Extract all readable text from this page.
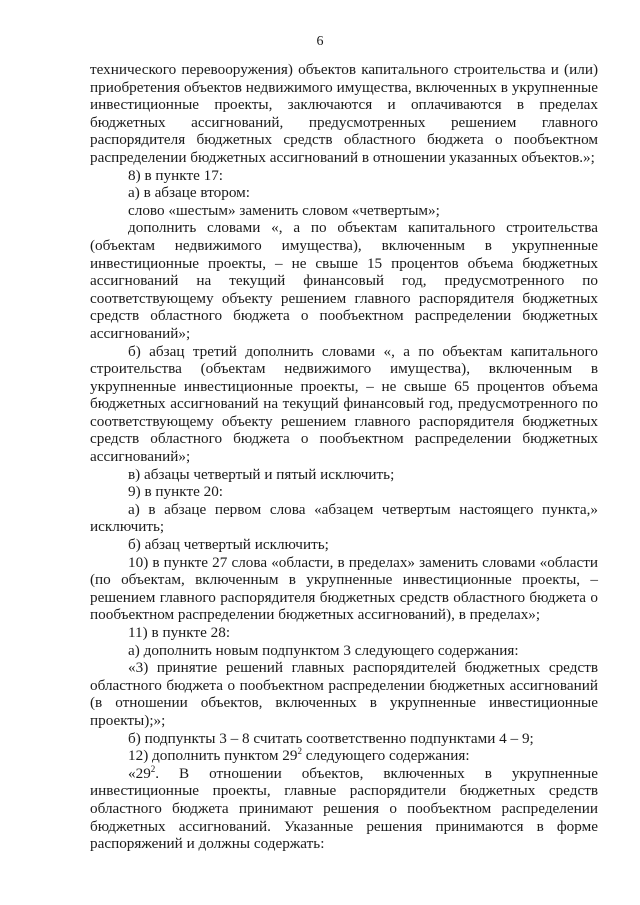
6

технического перевооружения) объектов капитального строительства и (или) приобретения объектов недвижимого имущества, включенных в укрупненные инвестиционные проекты, заключаются и оплачиваются в пределах бюджетных ассигнований, предусмотренных решением главного распорядителя бюджетных средств областного бюджета о пообъектном распределении бюджетных ассигнований в отношении указанных объектов.»;

8) в пункте 17:

а) в абзаце втором:

слово «шестым» заменить словом «четвертым»;

дополнить словами «, а по объектам капитального строительства (объектам недвижимого имущества), включенным в укрупненные инвестиционные проекты, – не свыше 15 процентов объема бюджетных ассигнований на текущий финансовый год, предусмотренного по соответствующему объекту решением главного распорядителя бюджетных средств областного бюджета о пообъектном распределении бюджетных ассигнований»;

б) абзац третий дополнить словами «, а по объектам капитального строительства (объектам недвижимого имущества), включенным в укрупненные инвестиционные проекты, – не свыше 65 процентов объема бюджетных ассигнований на текущий финансовый год, предусмотренного по соответствующему объекту решением главного распорядителя бюджетных средств областного бюджета о пообъектном распределении бюджетных ассигнований»;

в) абзацы четвертый и пятый исключить;

9) в пункте 20:

а) в абзаце первом слова «абзацем четвертым настоящего пункта,» исключить;

б) абзац четвертый исключить;

10) в пункте 27 слова «области, в пределах» заменить словами «области (по объектам, включенным в укрупненные инвестиционные проекты, – решением главного распорядителя бюджетных средств областного бюджета о пообъектном распределении бюджетных ассигнований), в пределах»;

11) в пункте 28:

а) дополнить новым подпунктом 3 следующего содержания:

«3) принятие решений главных распорядителей бюджетных средств областного бюджета о пообъектном распределении бюджетных ассигнований (в отношении объектов, включенных в укрупненные инвестиционные проекты);»;

б) подпункты 3 – 8 считать соответственно подпунктами 4 – 9;

12) дополнить пунктом $29^2$ следующего содержания:

«$29^2$. В отношении объектов, включенных в укрупненные инвестиционные проекты, главные распорядители бюджетных средств областного бюджета принимают решения о пообъектном распределении бюджетных ассигнований. Указанные решения принимаются в форме распоряжений и должны содержать:
